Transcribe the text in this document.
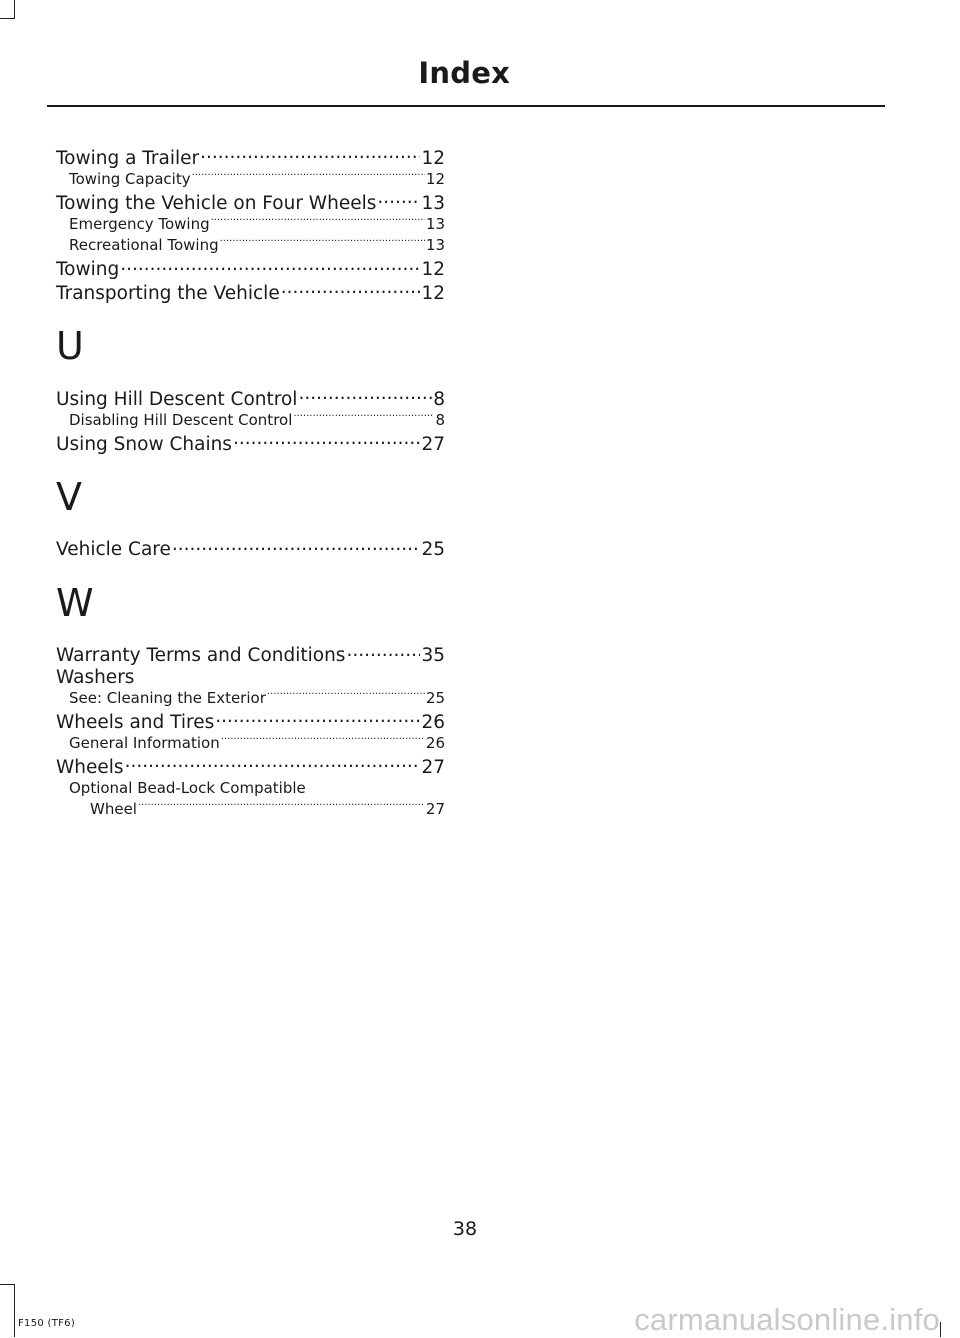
Index
Towing a Trailer .....	12
Towing Capacity .....	12
Towing the Vehicle on Four Wheels ..... 13
Emergency Towing .....	13
Recreational Towing .....	13
Towing .....	12
Transporting the Vehicle .....	12
U
Using Hill Descent Control .....	8
Disabling Hill Descent Control .....	8
Using Snow Chains .....	27
V
Vehicle Care .....	25
W
Warranty Terms and Conditions .....	35
Washers
See: Cleaning the Exterior .....	25
Wheels and Tires .....	26
General Information .....	26
Wheels .....	27
Optional Bead-Lock Compatible
Wheel .....	27
38
F150 (TF6)	carmanualsonline.info
